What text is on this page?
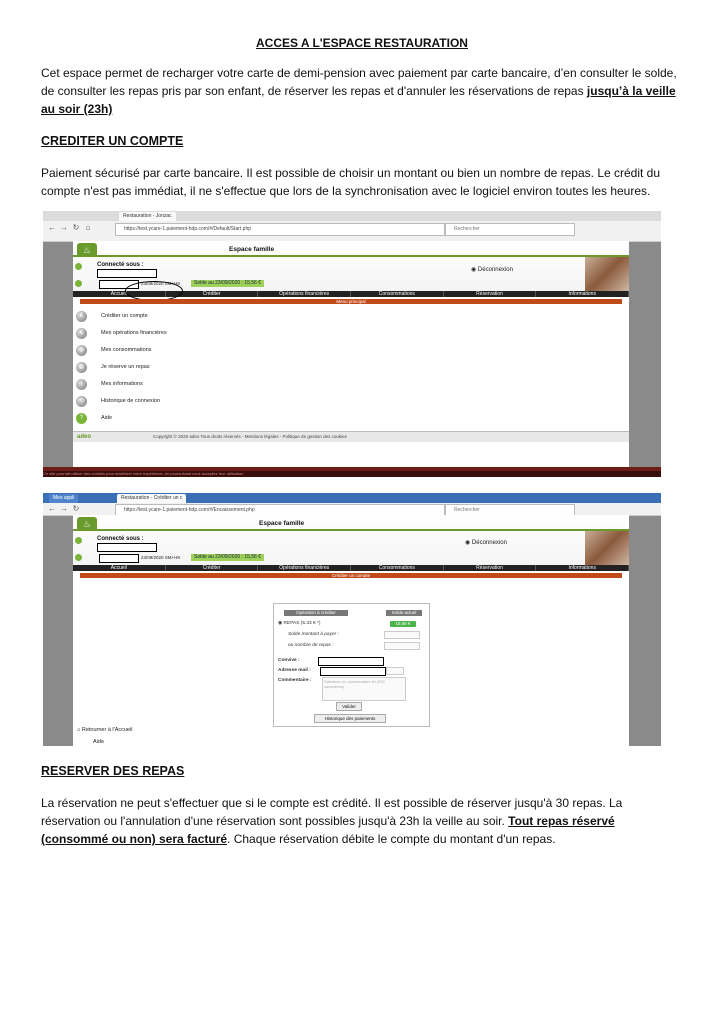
ACCES A L'ESPACE RESTAURATION
Cet espace permet de recharger votre carte de demi-pension avec paiement par carte bancaire, d’en consulter le solde, de consulter les repas pris par son enfant, de réserver les repas et d'annuler les réservations de repas jusqu’à la veille au soir (23h)
CREDITER UN COMPTE
Paiement sécurisé par carte bancaire. Il est possible de choisir un montant ou bien un nombre de repas. Le crédit du compte n'est pas immédiat, il ne s'effectue que lors de la synchronisation avec le logiciel environ toutes les heures.
Restauration - Jonzac
← → ↻ ⌂	https://test.ycare-1.paiement-hdp.com/#/Default/Start.php	Rechercher
♨	Espace famille
Connecté sous :
◉ Déconnexion
23/09/2020 SM+H8	Solde au 23/09/2020 : 15,56 €
Accueil	Créditer	Opérations financières	Consommations	Réservation	Informations
Menu principal
€	Créditer un compte
€	Mes opérations financières
◍	Mes consommations
◍	Je réserve un repas
i	Mes informations
⟲	Historique de connexion
?	Aide
adeo	Copyright © 2020 adeo Tous droits réservés - Mentions légales - Politique de gestion des cookies
Ce site pourrait utiliser des cookies pour améliorer votre expérience, en poursuivant vous acceptez leur utilisation
Mes appli	Restauration - Créditer un c
← → ↻	https://test.ycare-1.paiement-hdp.com/#/Encaissement.php	Rechercher
♨	Espace famille
Connecté sous :
◉ Déconnexion
23/09/2020 SM+H8	Solde au 23/09/2020 : 15,56 €
Accueil	Créditer	Opérations financières	Consommations	Réservation	Informations
Créditer un compte
Opération à créditer	Solde actuel
◉ REPAS (5.33 € *)	15.56 €
Solde montant à payer :
ou nombre de repas :
Convive :
Adresse mail :
Commentaire :	Saisissez un commentaire ici (200 caractères)
Valider
Historique des paiements
⌂ Retourner à l'Accueil
Aide
RESERVER DES REPAS
La réservation ne peut s'effectuer que si le compte est crédité. Il est possible de réserver jusqu'à 30 repas. La réservation ou l'annulation d'une réservation sont possibles jusqu'à 23h la veille au soir. Tout repas réservé (consommé ou non) sera facturé. Chaque réservation débite le compte du montant d'un repas.
